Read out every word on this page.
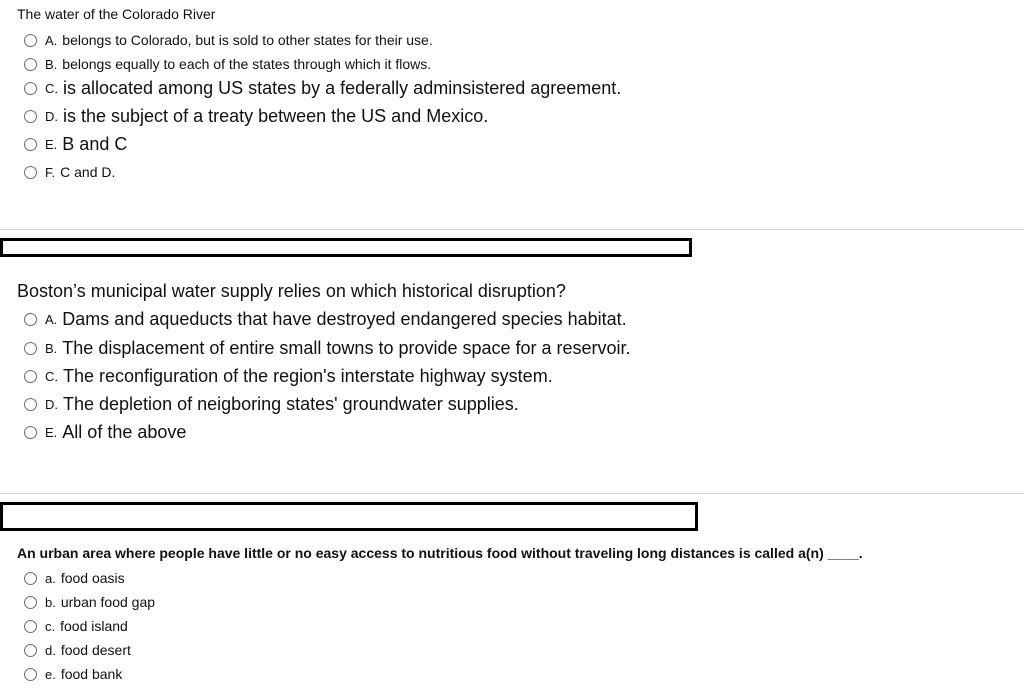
The water of the Colorado River
A. belongs to Colorado, but is sold to other states for their use.
B. belongs equally to each of the states through which it flows.
C. is allocated among US states by a federally adminsistered agreement.
D. is the subject of a treaty between the US and Mexico.
E. B and C
F. C and D.
Boston’s municipal water supply relies on which historical disruption?
A. Dams and aqueducts that have destroyed endangered species habitat.
B. The displacement of entire small towns to provide space for a reservoir.
C. The reconfiguration of the region's interstate highway system.
D. The depletion of neigboring states' groundwater supplies.
E. All of the above
An urban area where people have little or no easy access to nutritious food without traveling long distances is called a(n) ____.
a. food oasis
b. urban food gap
c. food island
d. food desert
e. food bank
